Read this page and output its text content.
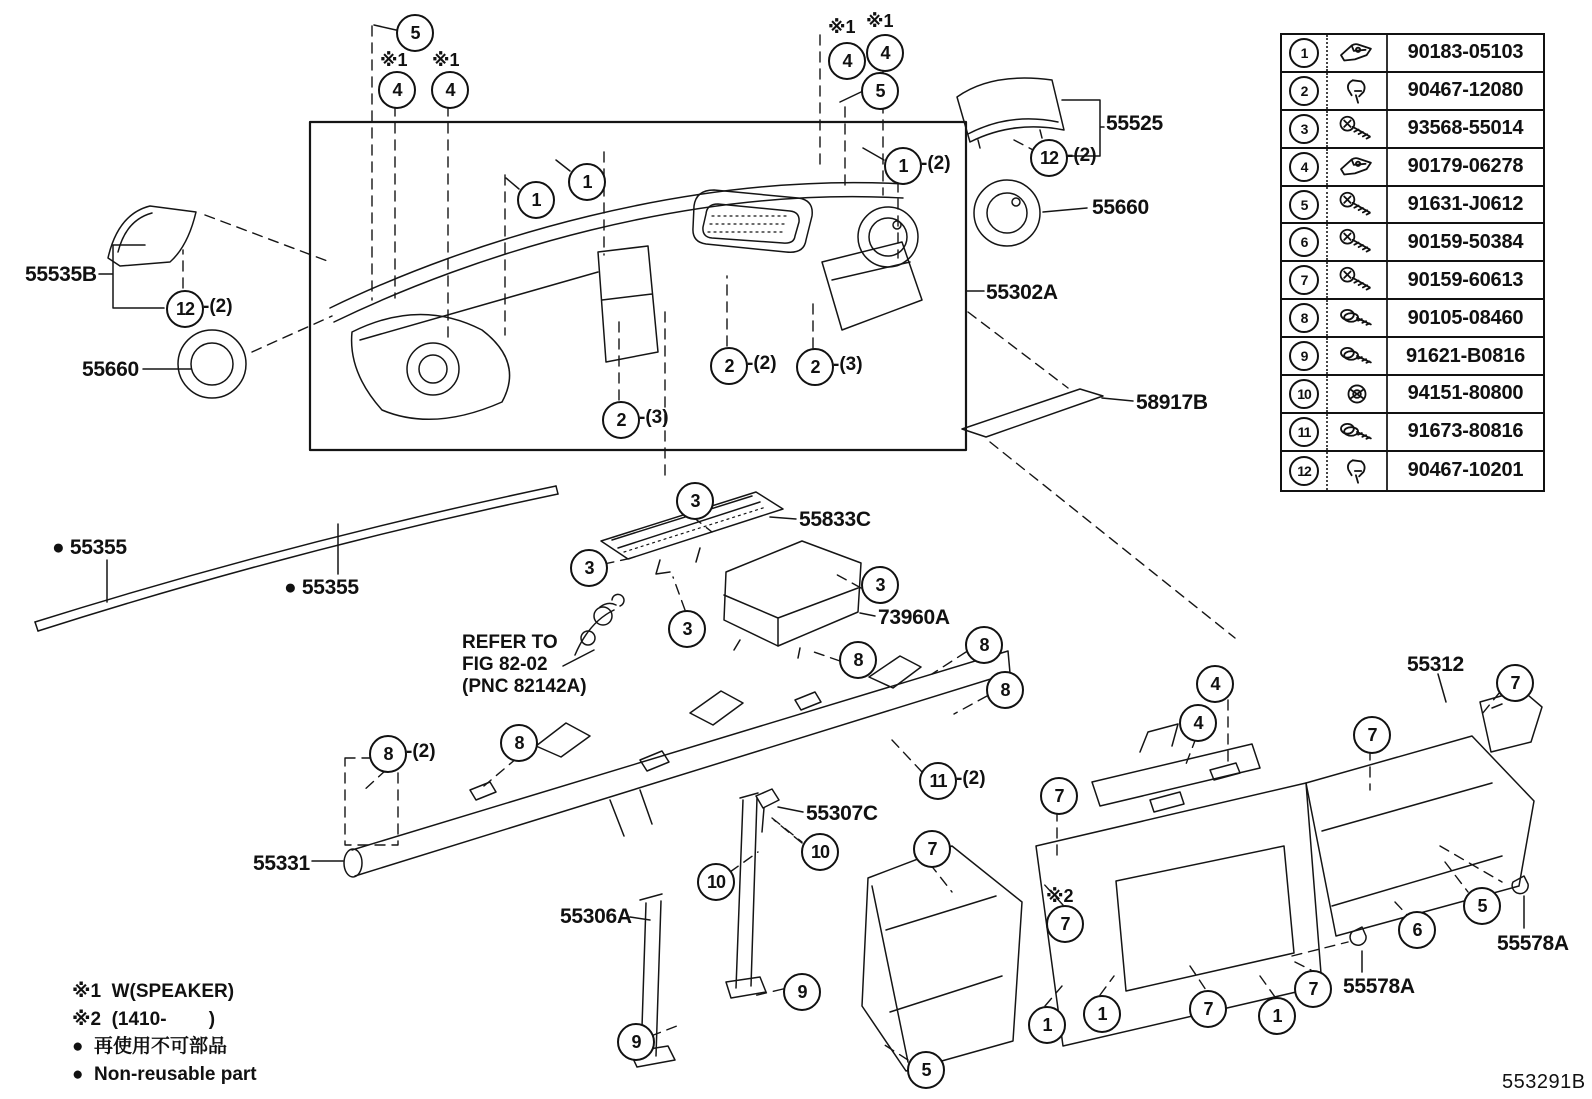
5
4	4
4	4
5
1
1
1 -(2)	12 -(2)
12 -(2)
2 -(3)
2 -(2)	2 -(3)
3
3
3
3
8
8 -(2)	8
8
8
11 -(2)
10
10
7
9
9
5
7
4
4
7
1
1	7	1
7
7
7
5
6
55535B
55660
● 55355
● 55355
55525
55660
55302A
58917B
55833C
73960A
55331
55306A
55307C
55312
55578A
55578A
※1 ※1
※1 ※1
※2
REFER TO
FIG 82-02
(PNC 82142A)
※1  W(SPEAKER)
※2  (1410-        )
●  再使用不可部品
●  Non-reusable part
1	90183-05103
2	90467-12080
3	93568-55014
4	90179-06278
5	91631-J0612
6	90159-50384
7	90159-60613
8	90105-08460
9	91621-B0816
10	94151-80800
11	91673-80816
12	90467-10201
553291B
